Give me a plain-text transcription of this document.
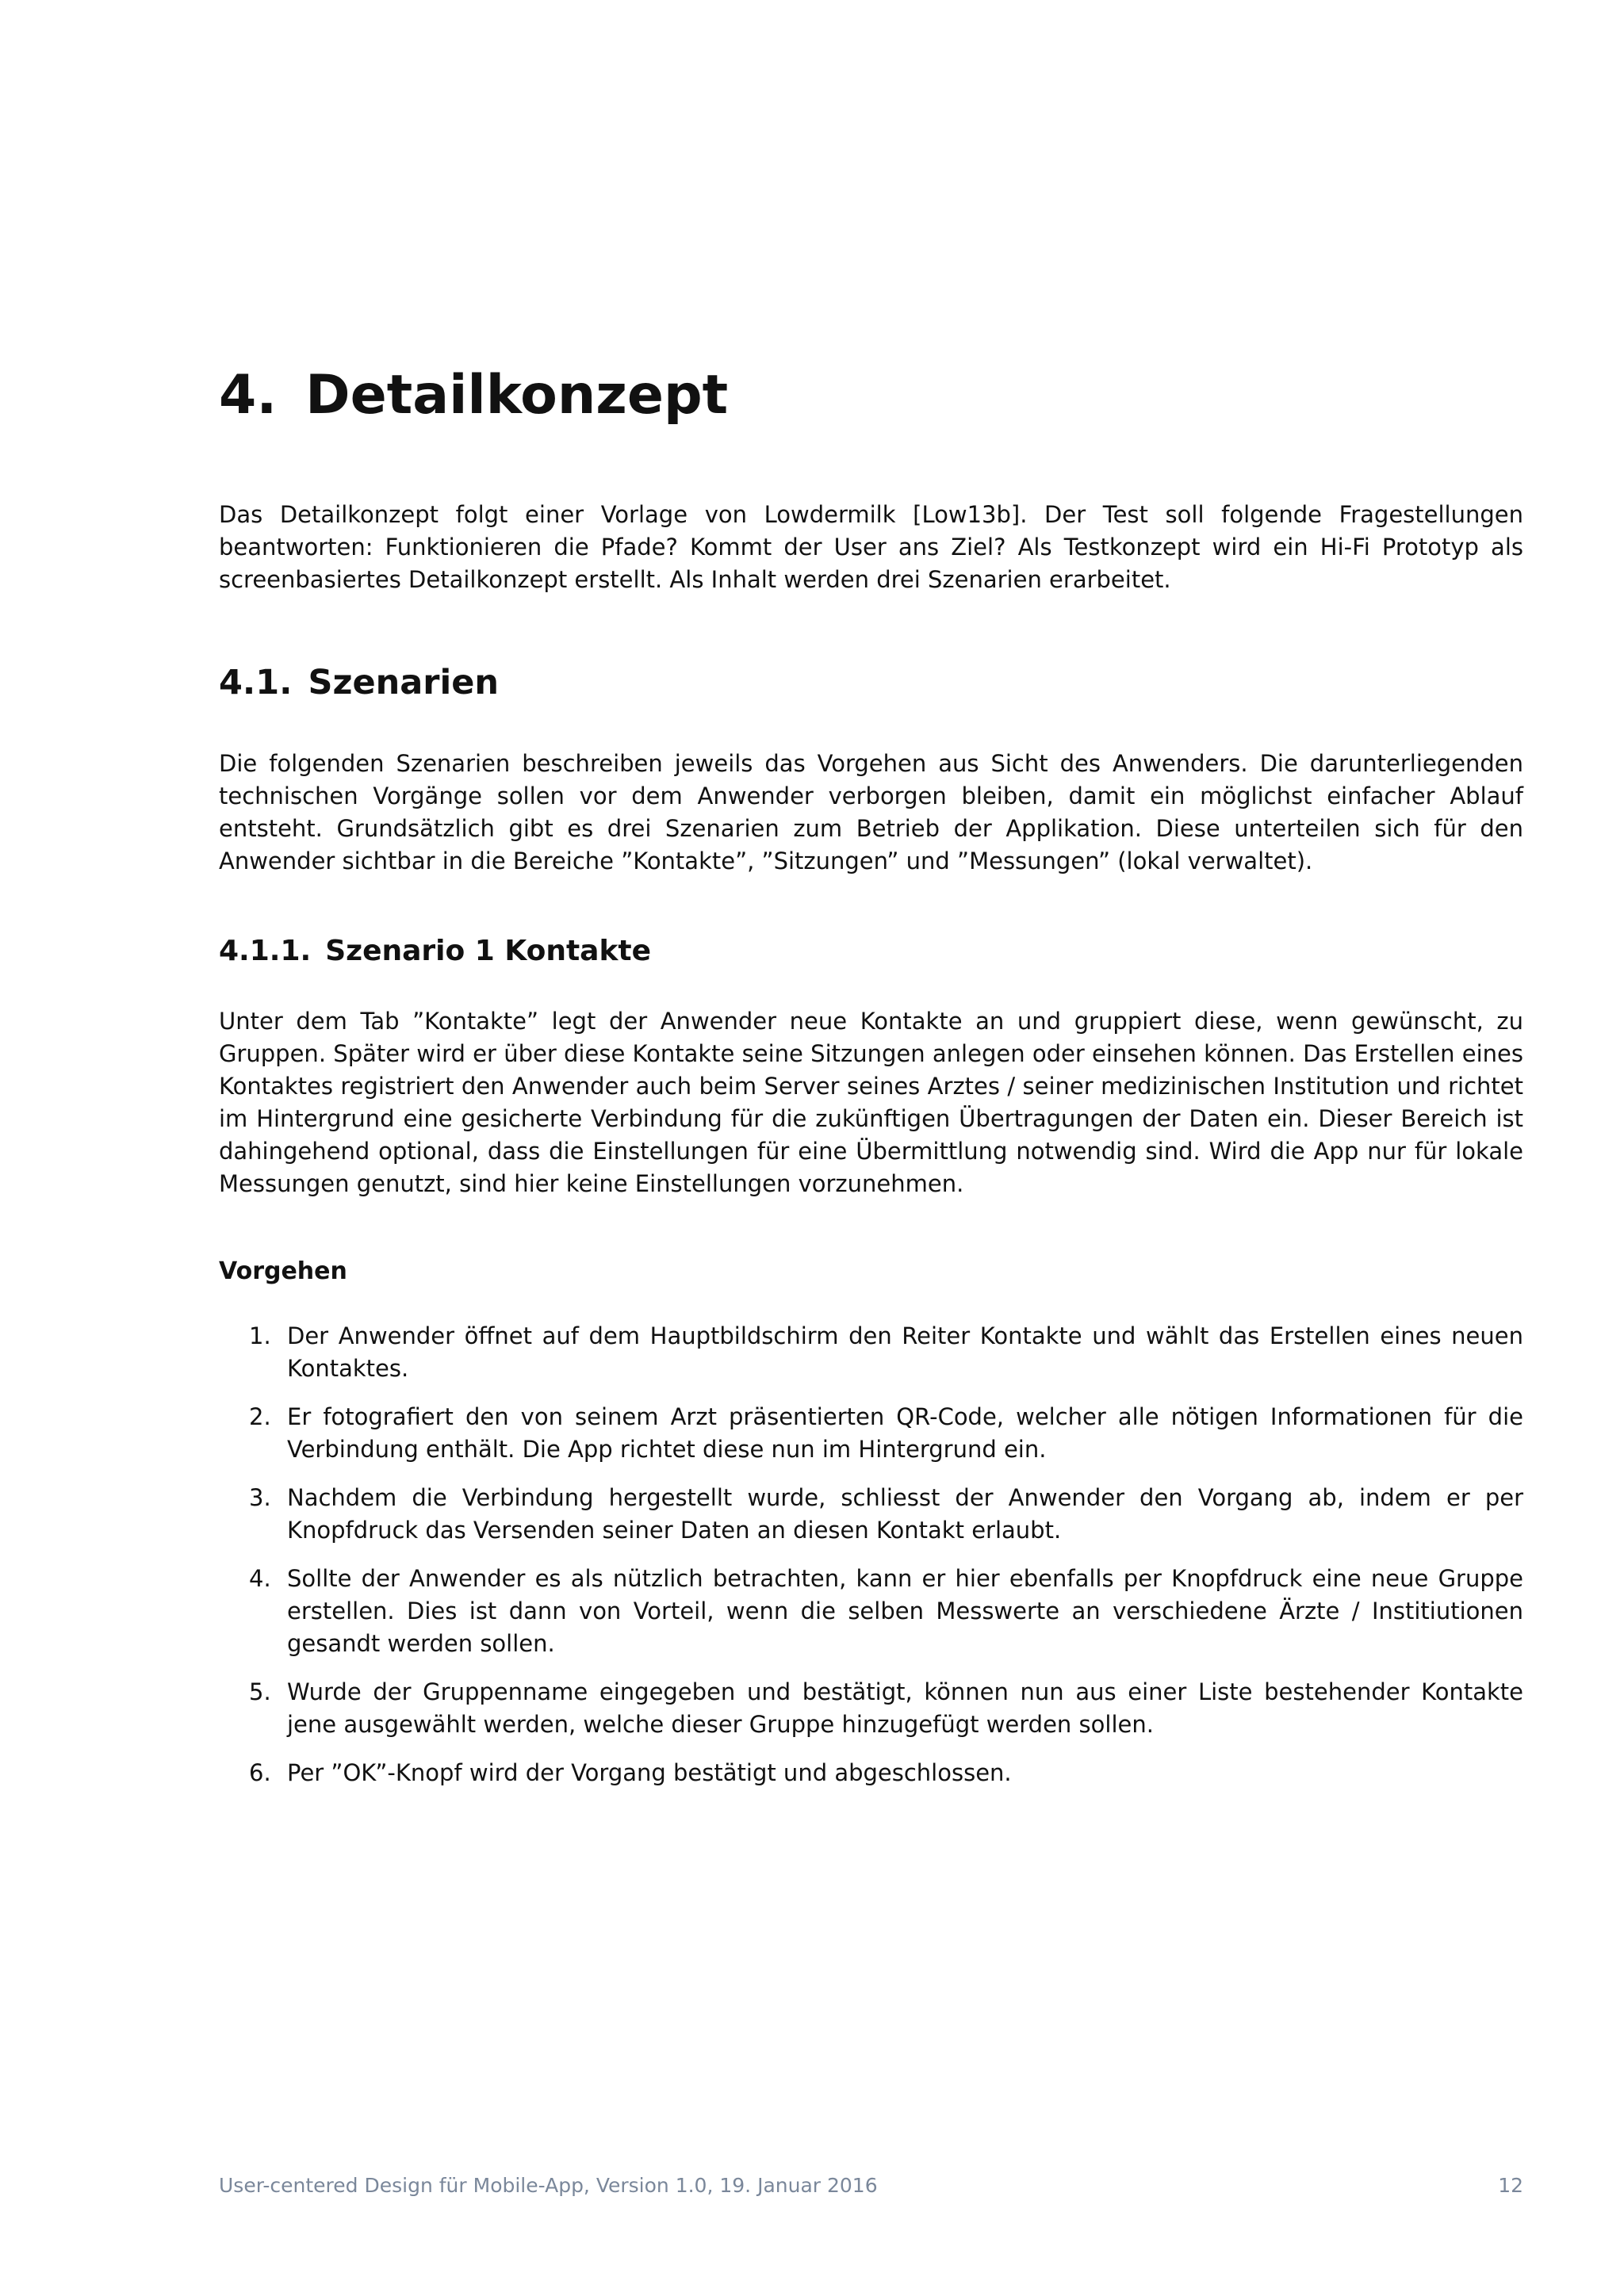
4. Detailkonzept

Das Detailkonzept folgt einer Vorlage von Lowdermilk [Low13b]. Der Test soll folgende Fragestellungen beantworten: Funktionieren die Pfade? Kommt der User ans Ziel? Als Testkonzept wird ein Hi-Fi Prototyp als screenbasiertes Detailkonzept erstellt. Als Inhalt werden drei Szenarien erarbeitet.

4.1. Szenarien

Die folgenden Szenarien beschreiben jeweils das Vorgehen aus Sicht des Anwenders. Die darunterliegenden technischen Vorgänge sollen vor dem Anwender verborgen bleiben, damit ein möglichst einfacher Ablauf entsteht. Grundsätzlich gibt es drei Szenarien zum Betrieb der Applikation. Diese unterteilen sich für den Anwender sichtbar in die Bereiche ”Kontakte”, ”Sitzungen” und ”Messungen” (lokal verwaltet).

4.1.1. Szenario 1 Kontakte

Unter dem Tab ”Kontakte” legt der Anwender neue Kontakte an und gruppiert diese, wenn gewünscht, zu Gruppen. Später wird er über diese Kontakte seine Sitzungen anlegen oder einsehen können. Das Erstellen eines Kontaktes registriert den Anwender auch beim Server seines Arztes / seiner medizinischen Institution und richtet im Hintergrund eine gesicherte Verbindung für die zukünftigen Übertragungen der Daten ein. Dieser Bereich ist dahingehend optional, dass die Einstellungen für eine Übermittlung notwendig sind. Wird die App nur für lokale Messungen genutzt, sind hier keine Einstellungen vorzunehmen.

Vorgehen
1. Der Anwender öffnet auf dem Hauptbildschirm den Reiter Kontakte und wählt das Erstellen eines neuen Kontaktes.
2. Er fotografiert den von seinem Arzt präsentierten QR-Code, welcher alle nötigen Informationen für die Verbindung enthält. Die App richtet diese nun im Hintergrund ein.
3. Nachdem die Verbindung hergestellt wurde, schliesst der Anwender den Vorgang ab, indem er per Knopfdruck das Versenden seiner Daten an diesen Kontakt erlaubt.
4. Sollte der Anwender es als nützlich betrachten, kann er hier ebenfalls per Knopfdruck eine neue Gruppe erstellen. Dies ist dann von Vorteil, wenn die selben Messwerte an verschiedene Ärzte / Institiutionen gesandt werden sollen.
5. Wurde der Gruppenname eingegeben und bestätigt, können nun aus einer Liste bestehender Kontakte jene ausgewählt werden, welche dieser Gruppe hinzugefügt werden sollen.
6. Per ”OK”-Knopf wird der Vorgang bestätigt und abgeschlossen.
User-centered Design für Mobile-App, Version 1.0, 19. Januar 2016	12
